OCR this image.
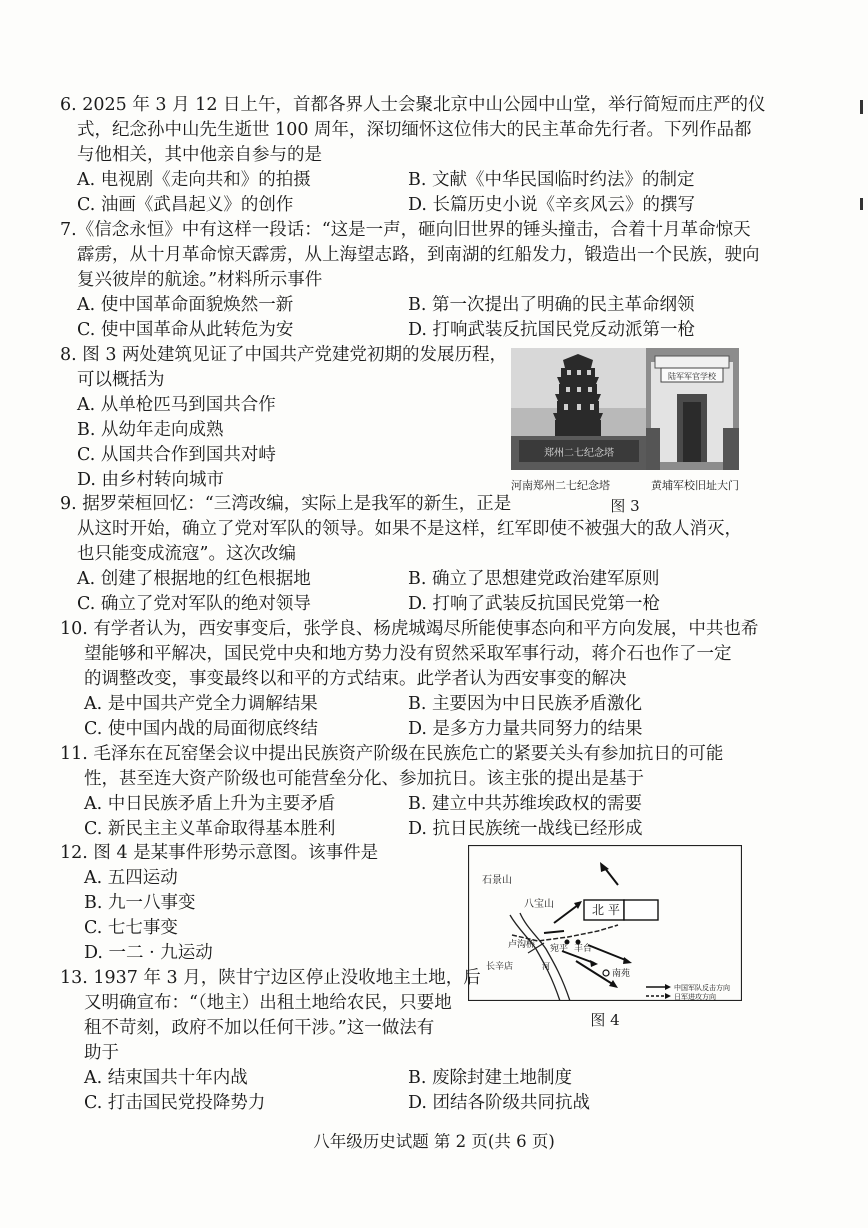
6. 2025 年 3 月 12 日上午，首都各界人士会聚北京中山公园中山堂，举行简短而庄严的仪
式，纪念孙中山先生逝世 100 周年，深切缅怀这位伟大的民主革命先行者。下列作品都
与他相关，其中他亲自参与的是
A. 电视剧《走向共和》的拍摄	B. 文献《中华民国临时约法》的制定
C. 油画《武昌起义》的创作	D. 长篇历史小说《辛亥风云》的撰写
7.《信念永恒》中有这样一段话：“这是一声，砸向旧世界的锤头撞击，合着十月革命惊天
霹雳，从十月革命惊天霹雳，从上海望志路，到南湖的红船发力，锻造出一个民族，驶向
复兴彼岸的航途。”材料所示事件
A. 使中国革命面貌焕然一新	B. 第一次提出了明确的民主革命纲领
C. 使中国革命从此转危为安	D. 打响武装反抗国民党反动派第一枪
8. 图 3 两处建筑见证了中国共产党建党初期的发展历程，
可以概括为
A. 从单枪匹马到国共合作
B. 从幼年走向成熟
C. 从国共合作到国共对峙
D. 由乡村转向城市
郑州二七纪念塔
陆军军官学校
河南郑州二七纪念塔	黄埔军校旧址大门
图 3
9. 据罗荣桓回忆：“三湾改编，实际上是我军的新生，正是
从这时开始，确立了党对军队的领导。如果不是这样，红军即使不被强大的敌人消灭，
也只能变成流寇”。这次改编
A. 创建了根据地的红色根据地	B. 确立了思想建党政治建军原则
C. 确立了党对军队的绝对领导	D. 打响了武装反抗国民党第一枪
10. 有学者认为，西安事变后，张学良、杨虎城竭尽所能使事态向和平方向发展，中共也希
望能够和平解决，国民党中央和地方势力没有贸然采取军事行动，蒋介石也作了一定
的调整改变，事变最终以和平的方式结束。此学者认为西安事变的解决
A. 是中国共产党全力调解结果	B. 主要因为中日民族矛盾激化
C. 使中国内战的局面彻底终结	D. 是多方力量共同努力的结果
11. 毛泽东在瓦窑堡会议中提出民族资产阶级在民族危亡的紧要关头有参加抗日的可能
性，甚至连大资产阶级也可能营垒分化、参加抗日。该主张的提出是基于
A. 中日民族矛盾上升为主要矛盾	B. 建立中共苏维埃政权的需要
C. 新民主主义革命取得基本胜利	D. 抗日民族统一战线已经形成
12. 图 4 是某事件形势示意图。该事件是
A. 五四运动
B. 九一八事变
C. 七七事变
D. 一二 · 九运动
石景山
八宝山	北 平
卢沟桥 宛平 丰台
长辛店	河
南苑
中国军队反击方向
日军进攻方向
图 4
13. 1937 年 3 月，陕甘宁边区停止没收地主土地，后
又明确宣布：“（地主）出租土地给农民，只要地
租不苛刻，政府不加以任何干涉。”这一做法有
助于
A. 结束国共十年内战	B. 废除封建土地制度
C. 打击国民党投降势力	D. 团结各阶级共同抗战
八年级历史试题 第 2 页(共 6 页)
